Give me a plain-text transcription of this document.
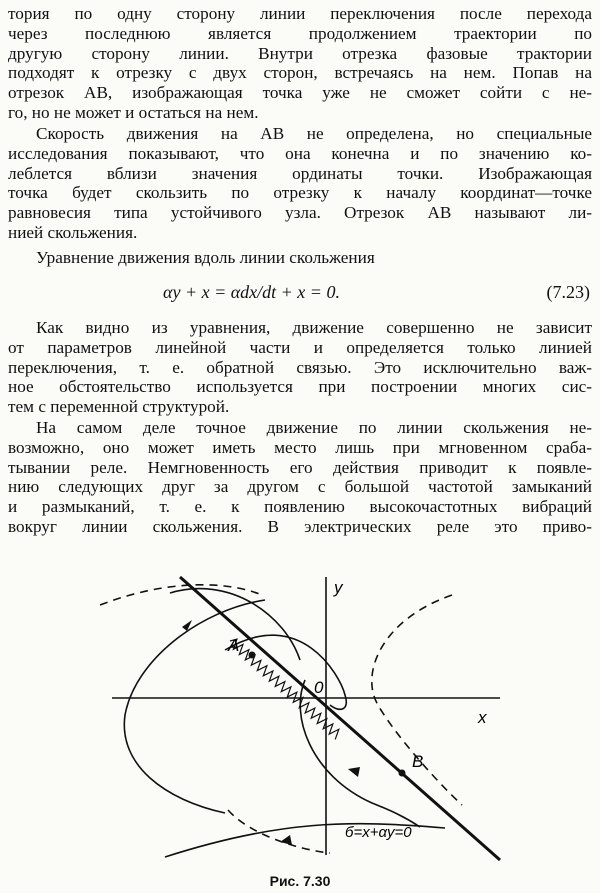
тория по одну сторону линии переключения после перехода
через последнюю является продолжением траектории по
другую сторону линии. Внутри отрезка фазовые трактории
подходят к отрезку с двух сторон, встречаясь на нем. Попав на
отрезок AB, изображающая точка уже не сможет сойти с не-
го, но не может и остаться на нем.
Скорость движения на AB не определена, но специальные
исследования показывают, что она конечна и по значению ко-
леблется вблизи значения ординаты точки. Изображающая
точка будет скользить по отрезку к началу координат—точке
равновесия типа устойчивого узла. Отрезок AB называют ли-
нией скольжения.
Уравнение движения вдоль линии скольжения
αy + x = αdx/dt + x = 0.	(7.23)
Как видно из уравнения, движение совершенно не зависит
от параметров линейной части и определяется только линией
переключения, т. е. обратной связью. Это исключительно важ-
ное обстоятельство используется при построении многих сис-
тем с переменной структурой.
На самом деле точное движение по линии скольжения не-
возможно, оно может иметь место лишь при мгновенном сраба-
тывании реле. Немгновенность его действия приводит к появле-
нию следующих друг за другом с большой частотой замыканий
и размыканий, т. е. к появлению высокочастотных вибраций
вокруг линии скольжения. В электрических реле это приво-
y
x
0
A
B
б=x+αy=0
Рис. 7.30
